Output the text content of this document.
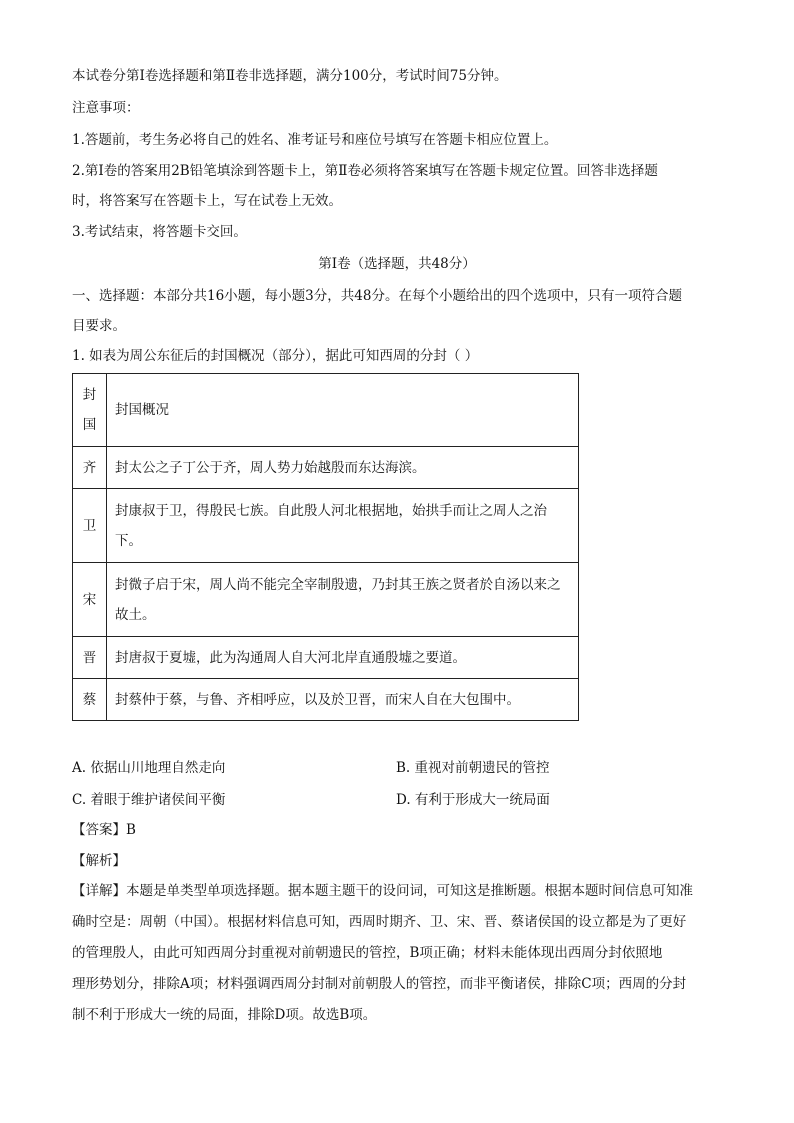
本试卷分第Ⅰ卷选择题和第Ⅱ卷非选择题，满分100分，考试时间75分钟。
注意事项：
1.答题前，考生务必将自己的姓名、准考证号和座位号填写在答题卡相应位置上。
2.第Ⅰ卷的答案用2B铅笔填涂到答题卡上，第Ⅱ卷必须将答案填写在答题卡规定位置。回答非选择题
时，将答案写在答题卡上，写在试卷上无效。
3.考试结束，将答题卡交回。
第Ⅰ卷（选择题，共48分）
一、选择题：本部分共16小题，每小题3分，共48分。在每个小题给出的四个选项中，只有一项符合题
目要求。
1. 如表为周公东征后的封国概况（部分），据此可知西周的分封（ ）
封国	封国概况
齐	封太公之子丁公于齐，周人势力始越殷而东达海滨。
卫	封康叔于卫，得殷民七族。自此殷人河北根据地，始拱手而让之周人之治下。
宋	封微子启于宋，周人尚不能完全宰制殷遗，乃封其王族之贤者於自汤以来之故土。
晋	封唐叔于夏墟，此为沟通周人自大河北岸直通殷墟之要道。
蔡	封蔡仲于蔡，与鲁、齐相呼应，以及於卫晋，而宋人自在大包围中。
A. 依据山川地理自然走向	B. 重视对前朝遗民的管控
C. 着眼于维护诸侯间平衡	D. 有利于形成大一统局面
【答案】B
【解析】
【详解】本题是单类型单项选择题。据本题主题干的设问词，可知这是推断题。根据本题时间信息可知准
确时空是：周朝（中国）。根据材料信息可知，西周时期齐、卫、宋、晋、蔡诸侯国的设立都是为了更好
的管理殷人，由此可知西周分封重视对前朝遗民的管控，B项正确；材料未能体现出西周分封依照地
理形势划分，排除A项；材料强调西周分封制对前朝殷人的管控，而非平衡诸侯，排除C项；西周的分封
制不利于形成大一统的局面，排除D项。故选B项。
